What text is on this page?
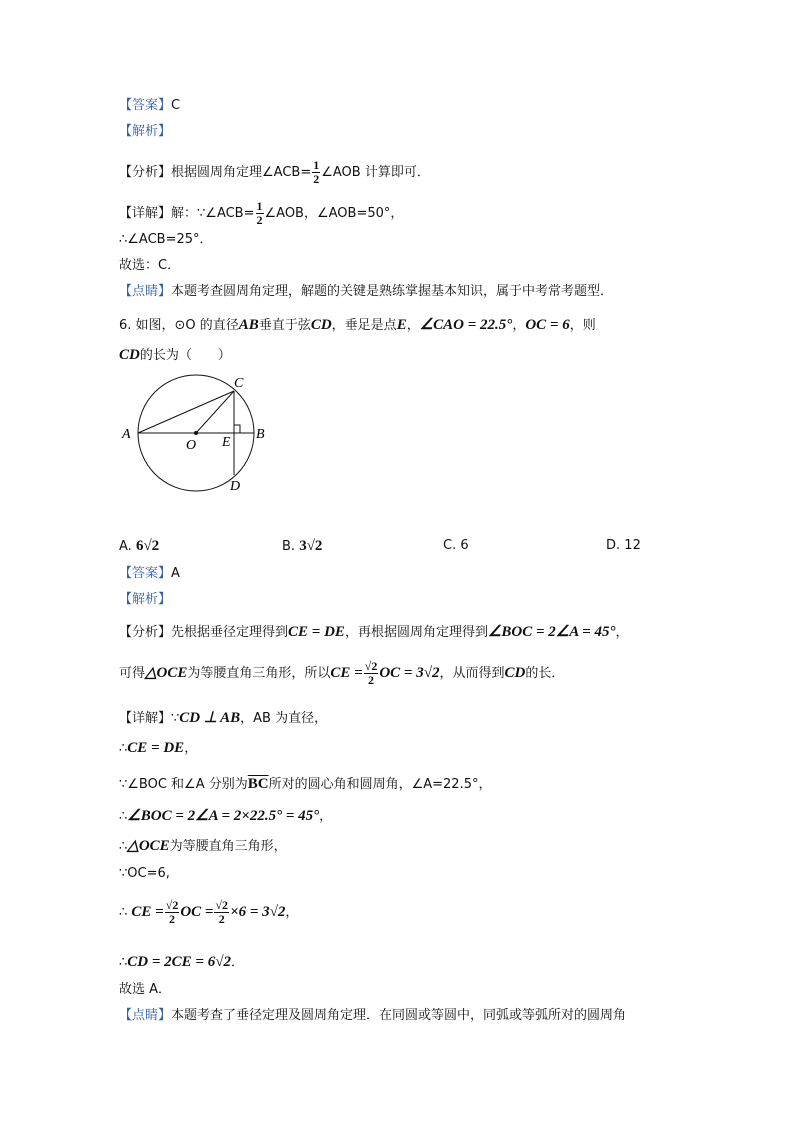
【答案】C
【解析】
【分析】根据圆周角定理∠ACB= $\frac{1}{2}$ ∠AOB 计算即可．
【详解】解：∵∠ACB= $\frac{1}{2}$ ∠AOB，∠AOB=50°，
∴∠ACB=25°．
故选：C．
【点睛】本题考查圆周角定理，解题的关键是熟练掌握基本知识，属于中考常考题型．
6. 如图，⊙O 的直径AB垂直于弦CD，垂足是点E，∠CAO = 22.5°，OC = 6，则
CD的长为（　　）
A	B
C
D
O E
A. 6√2	B. 3√2	C. 6	D. 12
【答案】A
【解析】
【分析】先根据垂径定理得到CE = DE，再根据圆周角定理得到∠BOC = 2∠A = 45°，
可得△OCE为等腰直角三角形，所以CE = $\frac{√2}{2}$ OC = 3√2，从而得到CD的长．
【详解】∵CD ⊥ AB，AB 为直径，
∴CE = DE，
∵∠BOC 和∠A 分别为$\overline{BC}$所对的圆心角和圆周角，∠A=22.5°，
∴∠BOC = 2∠A = 2×22.5° = 45°，
∴△OCE为等腰直角三角形，
∵OC=6,
∴ CE = $\frac{√2}{2}$ OC = $\frac{√2}{2} \times 6 = 3√2$，
∴CD = 2CE = 6√2．
故选 A．
【点睛】本题考查了垂径定理及圆周角定理．在同圆或等圆中，同弧或等弧所对的圆周角
